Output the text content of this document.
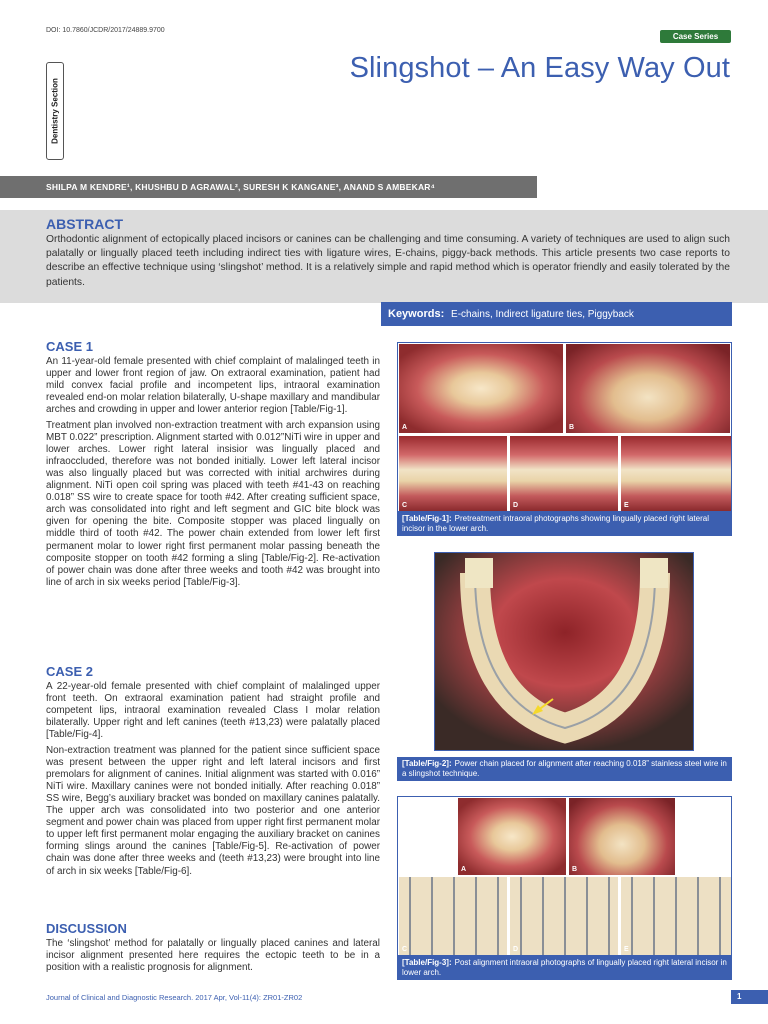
DOI: 10.7860/JCDR/2017/24889.9700
Case Series
Slingshot – An Easy Way Out
Dentistry Section
SHILPA M KENDRE¹, KHUSHBU D AGRAWAL², SURESH K KANGANE³, ANAND S AMBEKAR⁴
ABSTRACT

Orthodontic alignment of ectopically placed incisors or canines can be challenging and time consuming. A variety of techniques are used to align such palatally or lingually placed teeth including indirect ties with ligature wires, E-chains, piggy-back methods. This article presents two case reports to describe an effective technique using ‘slingshot’ method. It is a relatively simple and rapid method which is operator friendly and easily tolerated by the patients.

Keywords: E-chains, Indirect ligature ties, Piggyback
CASE 1

An 11-year-old female presented with chief complaint of malalinged teeth in upper and lower front region of jaw. On extraoral examination, patient had mild convex facial profile and incompetent lips, intraoral examination revealed end-on molar relation bilaterally, U-shape maxillary and mandibular arches and crowding in upper and lower anterior region [Table/Fig-1].

Treatment plan involved non-extraction treatment with arch expansion using MBT 0.022” prescription. Alignment started with 0.012”NiTi wire in upper and lower arches. Lower right lateral insisior was lingually placed and infraoccluded, therefore was not bonded initially. Lower left lateral incisor was also lingually placed but was corrected with initial archwires during alignment. NiTi open coil spring was placed with teeth #41-43 on reaching 0.018” SS wire to create space for tooth #42. After creating sufficient space, arch was consolidated into right and left segment and GIC bite block was given for opening the bite. Composite stopper was placed lingually on middle third of tooth #42. The power chain extended from lower left first permanent molar to lower right first permanent molar passing beneath the composite stopper on tooth #42 forming a sling [Table/Fig-2]. Re-activation of power chain was done after three weeks and tooth #42 was brought into line of arch in six weeks period [Table/Fig-3].

CASE 2

A 22-year-old female presented with chief complaint of malalinged upper front teeth. On extraoral examination patient had straight profile and competent lips, intraoral examination revealed Class I molar relation bilaterally. Upper right and left canines (teeth #13,23) were palatally placed [Table/Fig-4].

Non-extraction treatment was planned for the patient since sufficient space was present between the upper right and left lateral incisors and first premolars for alignment of canines. Initial alignment was started with 0.016” NiTi wire. Maxillary canines were not bonded initially. After reaching 0.018” SS wire, Begg’s auxiliary bracket was bonded on maxillary canines palatally. The upper arch was consolidated into two posterior and one anterior segment and power chain was placed from upper right first permanent molar to upper left first permanent molar engaging the auxiliary bracket on canines forming slings around the canines [Table/Fig-5]. Re-activation of power chain was done after three weeks and (teeth #13,23) were brought into line of arch in six weeks [Table/Fig-6].

DISCUSSION

The ‘slingshot’ method for palatally or lingually placed canines and lateral incisor alignment presented here requires the ectopic teeth to be in a position with a realistic prognosis for alignment.

A	B
C	D	E
[Table/Fig-1]: Pretreatment intraoral photographs showing lingually placed right lateral incisor in the lower arch.
[Table/Fig-2]: Power chain placed for alignment after reaching 0.018” stainless steel wire in a slingshot technique.
A	B
C	D	E
[Table/Fig-3]: Post alignment intraoral photographs of lingually placed right lateral incisor in lower arch.
Journal of Clinical and Diagnostic Research. 2017 Apr, Vol-11(4): ZR01-ZR02	1
